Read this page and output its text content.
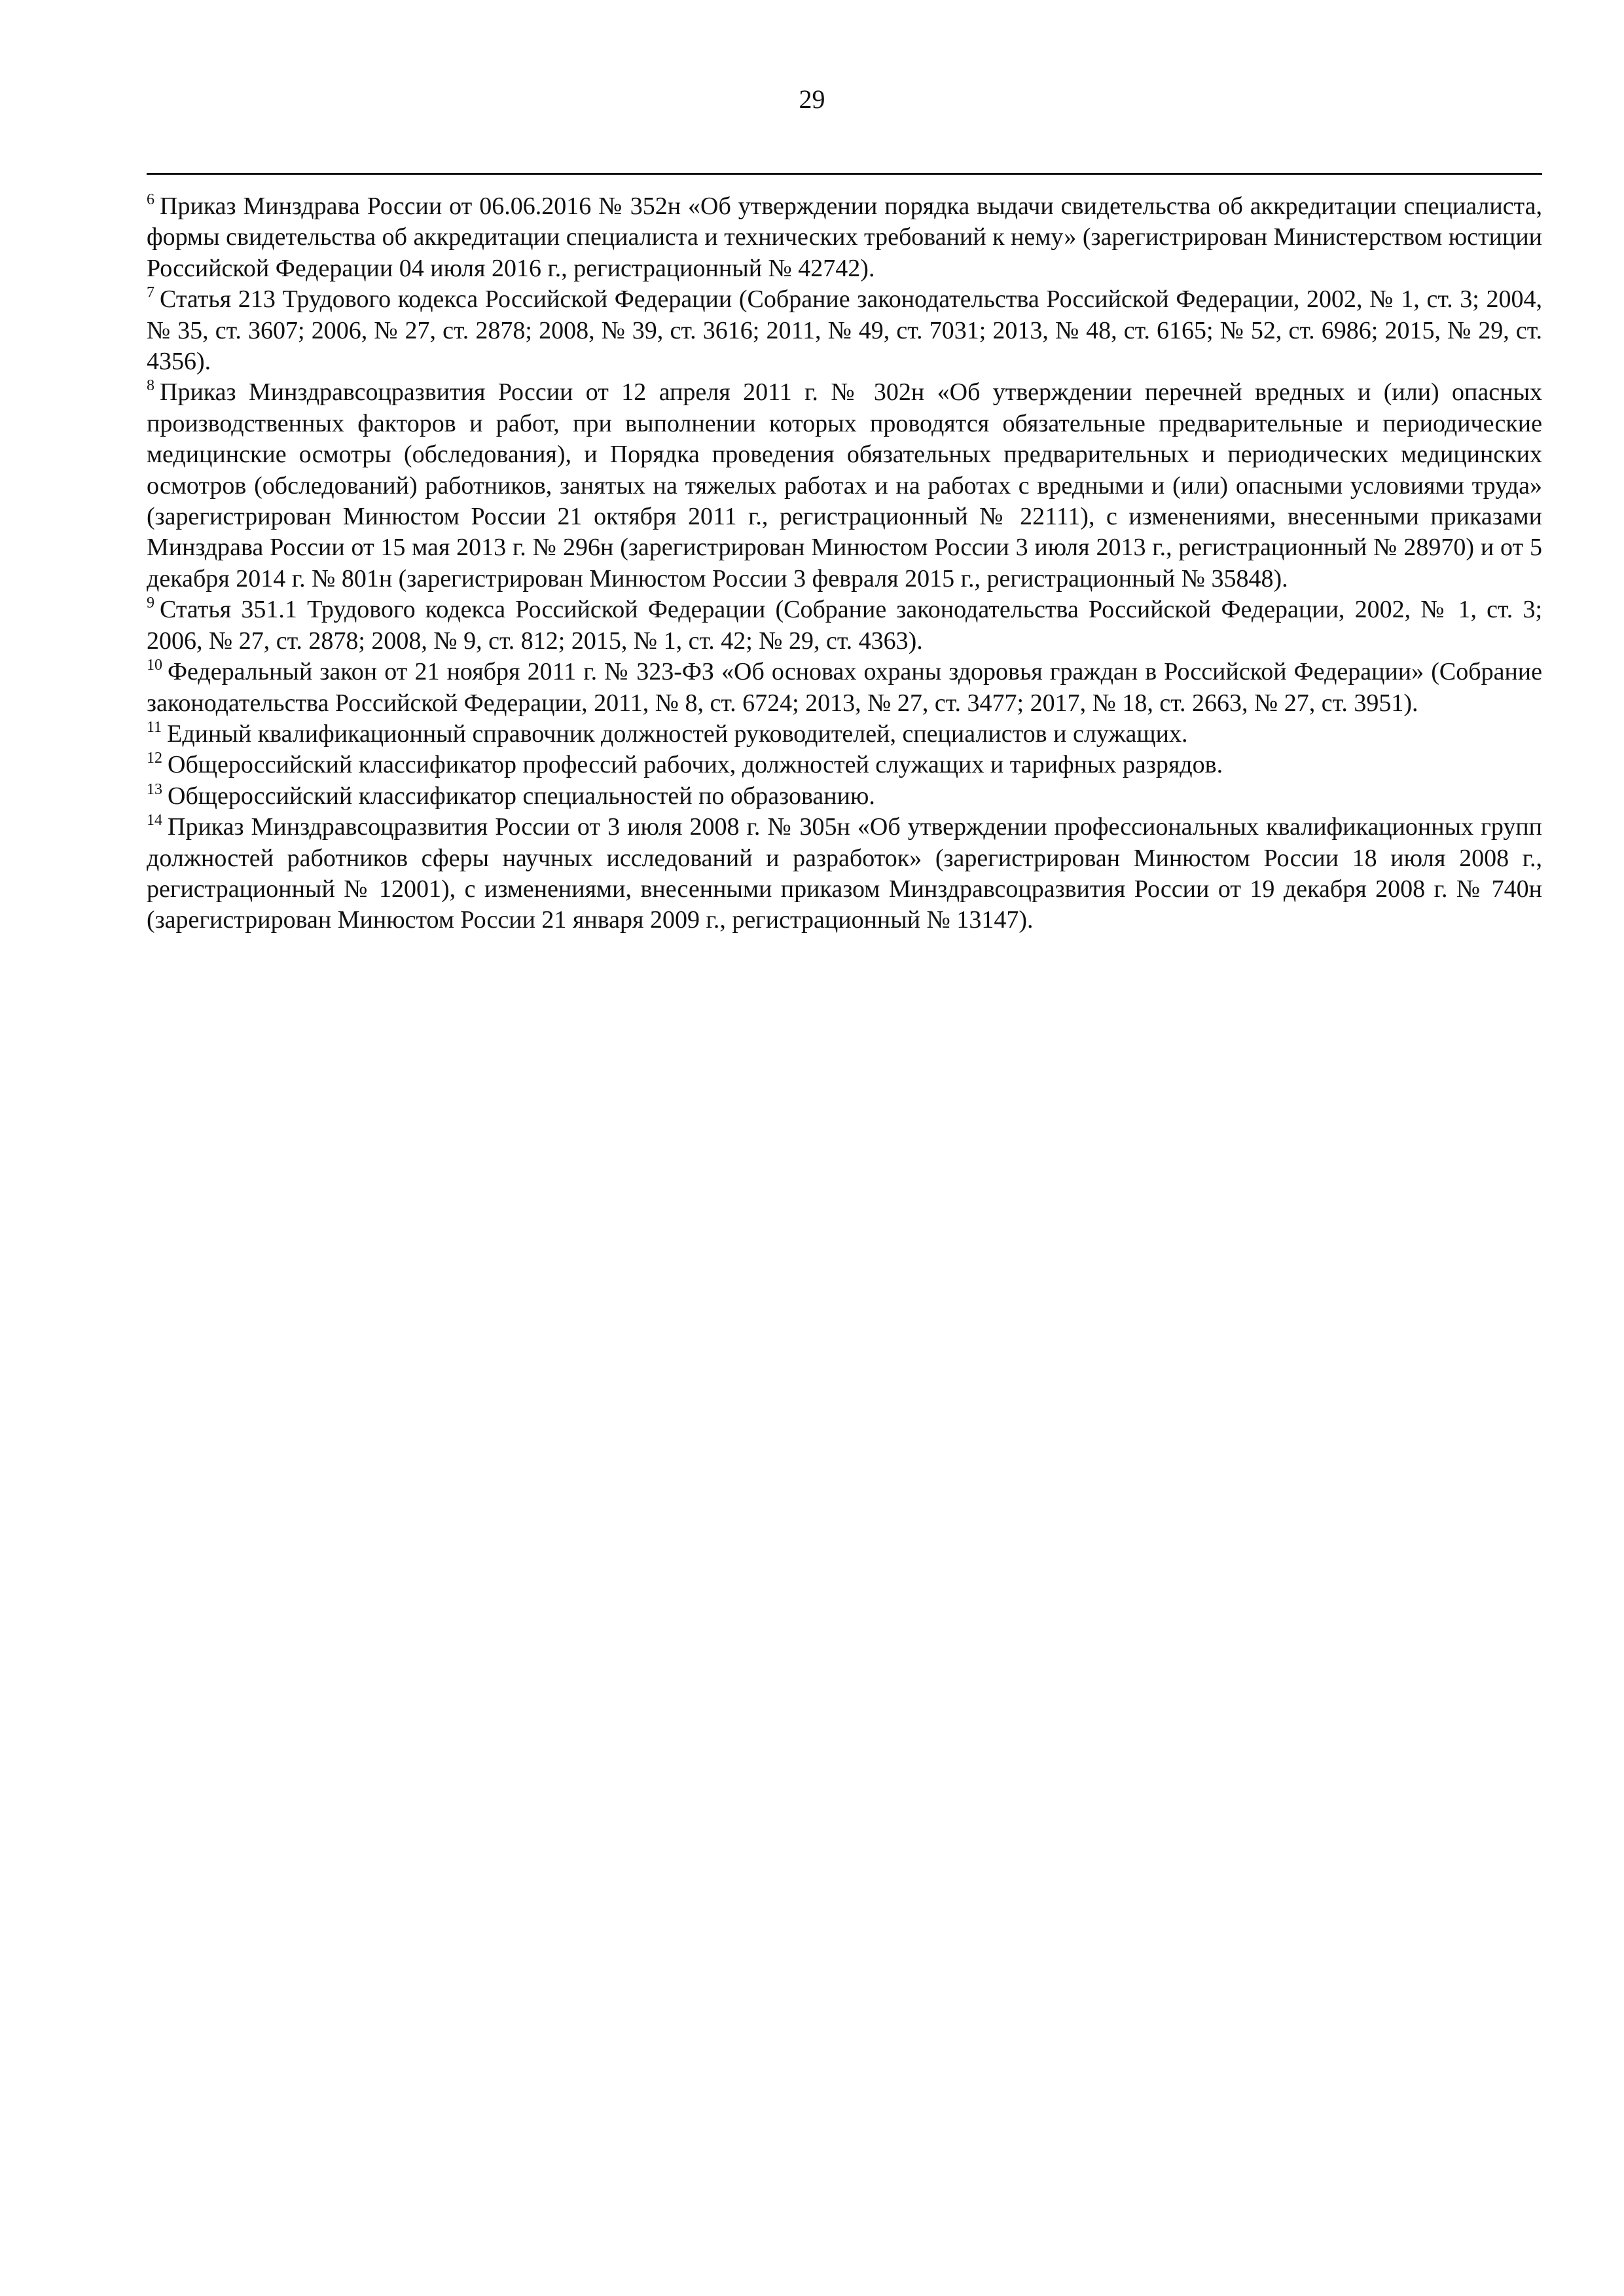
29

$^6$ Приказ Минздрава России от 06.06.2016 № 352н «Об утверждении порядка выдачи свидетельства об аккредитации специалиста, формы свидетельства об аккредитации специалиста и технических требований к нему» (зарегистрирован Министерством юстиции Российской Федерации 04 июля 2016 г., регистрационный № 42742).

$^7$ Статья 213 Трудового кодекса Российской Федерации (Собрание законодательства Российской Федерации, 2002, № 1, ст. 3; 2004, № 35, ст. 3607; 2006, № 27, ст. 2878; 2008, № 39, ст. 3616; 2011, № 49, ст. 7031; 2013, № 48, ст. 6165; № 52, ст. 6986; 2015, № 29, ст. 4356).

$^8$ Приказ Минздравсоцразвития России от 12 апреля 2011 г. № 302н «Об утверждении перечней вредных и (или) опасных производственных факторов и работ, при выполнении которых проводятся обязательные предварительные и периодические медицинские осмотры (обследования), и Порядка проведения обязательных предварительных и периодических медицинских осмотров (обследований) работников, занятых на тяжелых работах и на работах с вредными и (или) опасными условиями труда» (зарегистрирован Минюстом России 21 октября 2011 г., регистрационный № 22111), с изменениями, внесенными приказами Минздрава России от 15 мая 2013 г. № 296н (зарегистрирован Минюстом России 3 июля 2013 г., регистрационный № 28970) и от 5 декабря 2014 г. № 801н (зарегистрирован Минюстом России 3 февраля 2015 г., регистрационный № 35848).

$^9$ Статья 351.1 Трудового кодекса Российской Федерации (Собрание законодательства Российской Федерации, 2002, № 1, ст. 3; 2006, № 27, ст. 2878; 2008, № 9, ст. 812; 2015, № 1, ст. 42; № 29, ст. 4363).

$^{10}$ Федеральный закон от 21 ноября 2011 г. № 323-ФЗ «Об основах охраны здоровья граждан в Российской Федерации» (Собрание законодательства Российской Федерации, 2011, № 8, ст. 6724; 2013, № 27, ст. 3477; 2017, № 18, ст. 2663, № 27, ст. 3951).

$^{11}$ Единый квалификационный справочник должностей руководителей, специалистов и служащих.

$^{12}$ Общероссийский классификатор профессий рабочих, должностей служащих и тарифных разрядов.

$^{13}$ Общероссийский классификатор специальностей по образованию.

$^{14}$ Приказ Минздравсоцразвития России от 3 июля 2008 г. № 305н «Об утверждении профессиональных квалификационных групп должностей работников сферы научных исследований и разработок» (зарегистрирован Минюстом России 18 июля 2008 г., регистрационный № 12001), с изменениями, внесенными приказом Минздравсоцразвития России от 19 декабря 2008 г. № 740н (зарегистрирован Минюстом России 21 января 2009 г., регистрационный № 13147).
